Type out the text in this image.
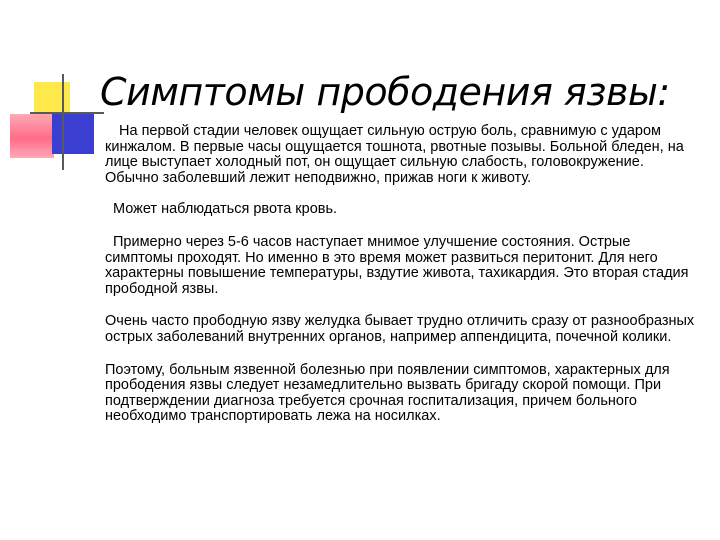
Симптомы прободения язвы:

На первой стадии человек ощущает сильную острую боль, сравнимую с ударом кинжалом. В первые часы ощущается тошнота, рвотные позывы. Больной бледен, на лице выступает холодный пот, он ощущает сильную слабость, головокружение. Обычно заболевший лежит неподвижно, прижав ноги к животу.

Может наблюдаться рвота кровь.

Примерно через 5-6 часов наступает мнимое улучшение состояния. Острые симптомы проходят. Но именно в это время может развиться перитонит. Для него характерны повышение температуры, вздутие живота, тахикардия. Это вторая стадия прободной язвы.

Очень часто прободную язву желудка бывает трудно отличить сразу от разнообразных острых заболеваний внутренних органов, например аппендицита, почечной колики.

Поэтому, больным язвенной болезнью при появлении симптомов, характерных для прободения язвы следует незамедлительно вызвать бригаду скорой помощи. При подтверждении диагноза требуется срочная госпитализация, причем больного необходимо транспортировать лежа на носилках.
